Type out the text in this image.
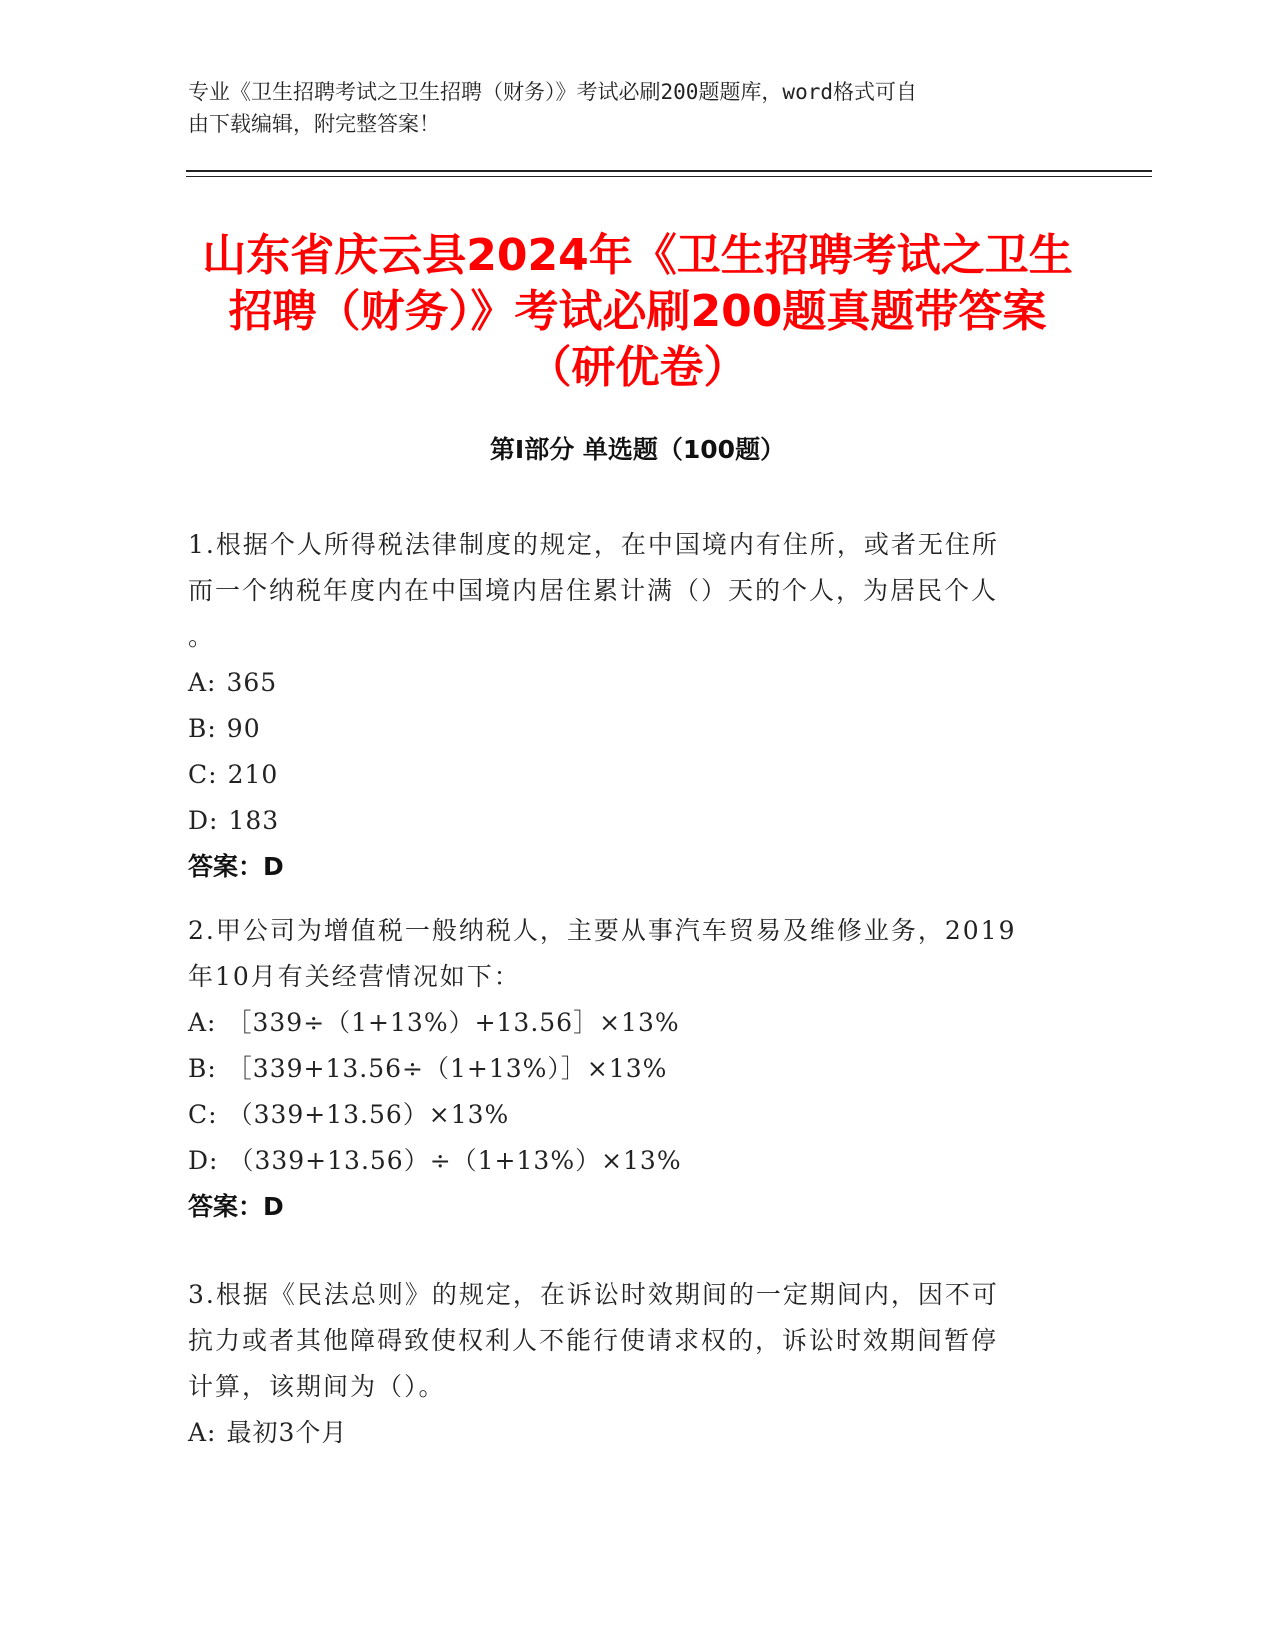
专业《卫生招聘考试之卫生招聘（财务）》考试必刷200题题库，word格式可自
由下载编辑，附完整答案！
山东省庆云县2024年《卫生招聘考试之卫生
招聘（财务）》考试必刷200题真题带答案
（研优卷）
第Ⅰ部分 单选题（100题）
1.根据个人所得税法律制度的规定，在中国境内有住所，或者无住所
而一个纳税年度内在中国境内居住累计满（）天的个人，为居民个人
。
A: 365
B: 90
C: 210
D: 183
答案：D
2.甲公司为增值税一般纳税人，主要从事汽车贸易及维修业务，2019
年10月有关经营情况如下：
A: ［339÷（1+13%）+13.56］×13%
B: ［339+13.56÷（1+13%）］×13%
C: （339+13.56）×13%
D: （339+13.56）÷（1+13%）×13%
答案：D
3.根据《民法总则》的规定，在诉讼时效期间的一定期间内，因不可
抗力或者其他障碍致使权利人不能行使请求权的，诉讼时效期间暂停
计算，该期间为（）。
A: 最初3个月
